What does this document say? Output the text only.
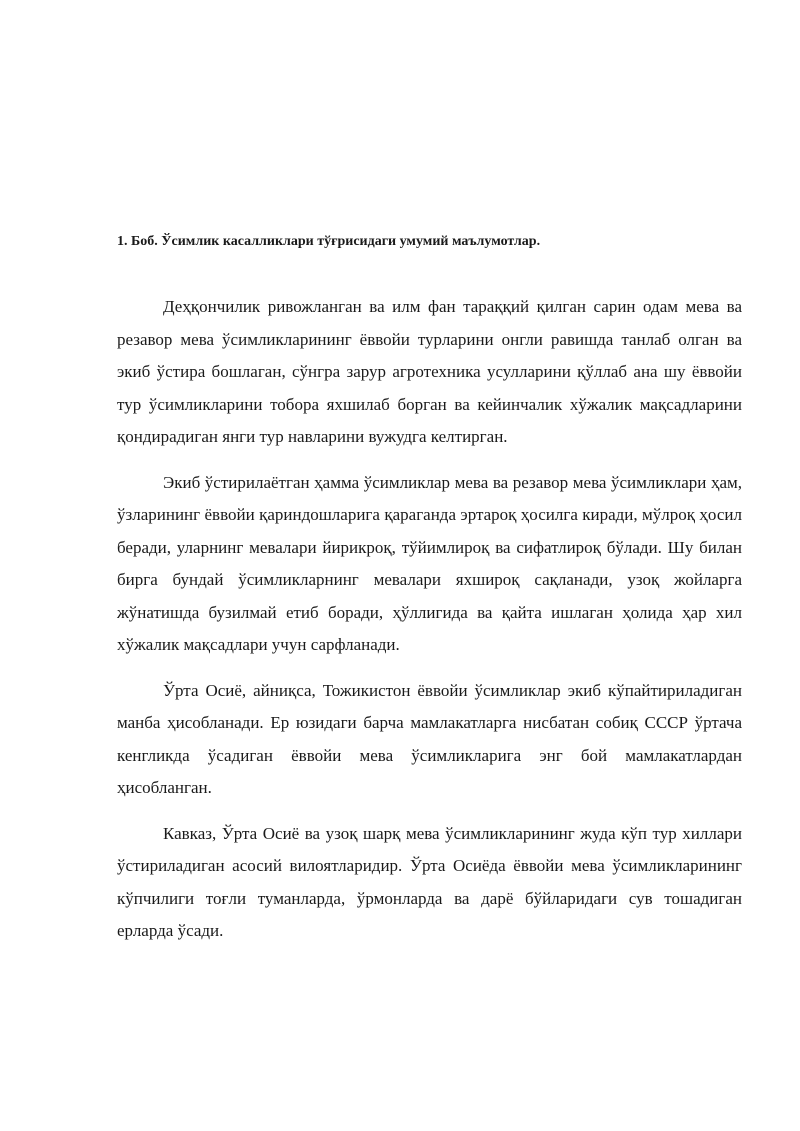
1. Боб. Ўсимлик касалликлари тўғрисидаги умумий маълумотлар.

Деҳқончилик ривожланган ва илм фан тараққий қилган сарин одам мева ва резавор мева ўсимликларининг ёввойи турларини онгли равишда танлаб олган ва экиб ўстира бошлаган, сўнгра зарур агротехника усулларини қўллаб ана шу ёввойи тур ўсимликларини тобора яхшилаб борган ва кейинчалик хўжалик мақсадларини қондирадиган янги тур навларини вужудга келтирган.

Экиб ўстирилаётган ҳамма ўсимликлар мева ва резавор мева ўсимликлари ҳам, ўзларининг ёввойи қариндошларига қараганда эртароқ ҳосилга киради, мўлроқ ҳосил беради, уларнинг мевалари йирикроқ, тўйимлироқ ва сифатлироқ бўлади. Шу билан бирга бундай ўсимликларнинг мевалари яхшироқ сақланади, узоқ жойларга жўнатишда бузилмай етиб боради, ҳўллигида ва қайта ишлаган ҳолида ҳар хил хўжалик мақсадлари учун сарфланади.

Ўрта Осиё, айниқса, Тожикистон ёввойи ўсимликлар экиб кўпайтириладиган манба ҳисобланади. Ер юзидаги барча мамлакатларга нисбатан собиқ СССР ўртача кенгликда ўсадиган ёввойи мева ўсимликларига энг бой мамлакатлардан ҳисобланган.

Кавказ, Ўрта Осиё ва узоқ шарқ мева ўсимликларининг жуда кўп тур хиллари ўстириладиган асосий вилоятларидир. Ўрта Осиёда ёввойи мева ўсимликларининг кўпчилиги тоғли туманларда, ўрмонларда ва дарё бўйларидаги сув тошадиган ерларда ўсади.
